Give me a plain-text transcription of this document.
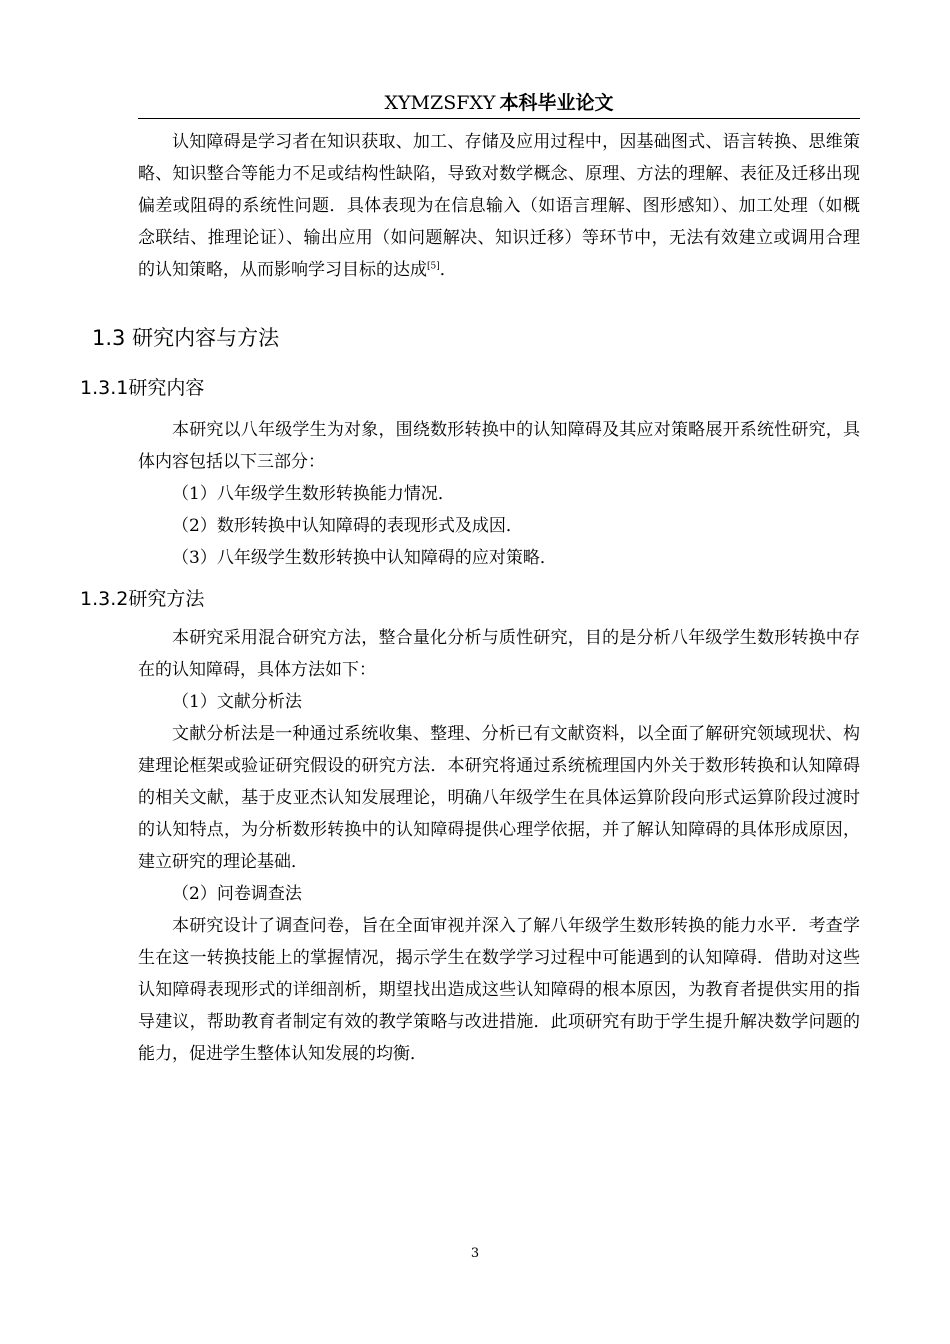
XYMZSFXY 本科毕业论文

认知障碍是学习者在知识获取、加工、存储及应用过程中，因基础图式、语言转换、思维策略、知识整合等能力不足或结构性缺陷，导致对数学概念、原理、方法的理解、表征及迁移出现偏差或阻碍的系统性问题．具体表现为在信息输入（如语言理解、图形感知）、加工处理（如概念联结、推理论证）、输出应用（如问题解决、知识迁移）等环节中，无法有效建立或调用合理的认知策略，从而影响学习目标的达成[5]．

1.3 研究内容与方法
1.3.1研究内容

本研究以八年级学生为对象，围绕数形转换中的认知障碍及其应对策略展开系统性研究，具体内容包括以下三部分：

（1）八年级学生数形转换能力情况．

（2）数形转换中认知障碍的表现形式及成因．

（3）八年级学生数形转换中认知障碍的应对策略．

1.3.2研究方法

本研究采用混合研究方法，整合量化分析与质性研究，目的是分析八年级学生数形转换中存在的认知障碍，具体方法如下：

（1）文献分析法

文献分析法是一种通过系统收集、整理、分析已有文献资料，以全面了解研究领域现状、构建理论框架或验证研究假设的研究方法．本研究将通过系统梳理国内外关于数形转换和认知障碍的相关文献，基于皮亚杰认知发展理论，明确八年级学生在具体运算阶段向形式运算阶段过渡时的认知特点，为分析数形转换中的认知障碍提供心理学依据，并了解认知障碍的具体形成原因，建立研究的理论基础．

（2）问卷调查法

本研究设计了调查问卷，旨在全面审视并深入了解八年级学生数形转换的能力水平．考查学生在这一转换技能上的掌握情况，揭示学生在数学学习过程中可能遇到的认知障碍．借助对这些认知障碍表现形式的详细剖析，期望找出造成这些认知障碍的根本原因，为教育者提供实用的指导建议，帮助教育者制定有效的教学策略与改进措施．此项研究有助于学生提升解决数学问题的能力，促进学生整体认知发展的均衡．

3
